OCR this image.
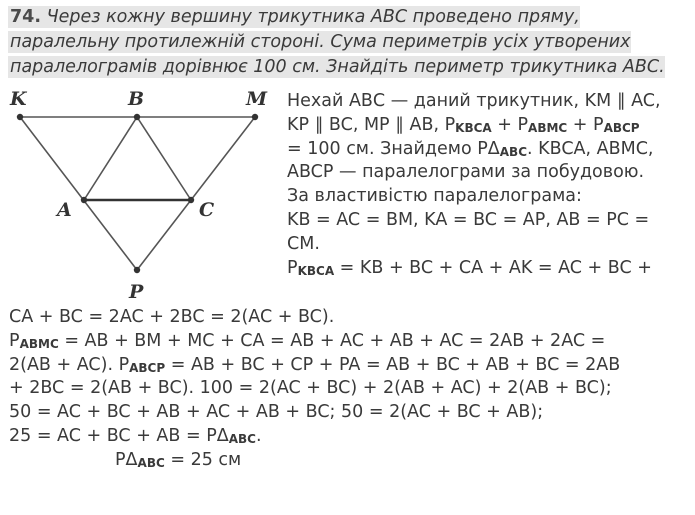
74. Через кожну вершину трикутника АВС проведено пряму,
паралельну протилежній стороні. Сума периметрів усіх утворених
паралелограмів дорівнює 100 см. Знайдіть периметр трикутника АВС.
K	B	M
A	C
P
Нехай АВС — даний трикутник, KM ∥ AC,
KP ∥ BC, MP ∥ AB, PKBCA + PABMC + PABCP
= 100 см. Знайдемо PΔABC. KBCA, ABMC,
ABCP — паралелограми за побудовою.
За властивістю паралелограма:
KB = AC = BM, KA = BC = AP, AB = PC =
CM.
PKBCA = KB + BC + CA + AK = AC + BC +
CA + BC = 2AC + 2BC = 2(AC + BC).
PABMC = AB + BM + MC + CA = AB + AC + AB + AC = 2AB + 2AC =
2(AB + AC). PABCP = AB + BC + CP + PA = AB + BC + AB + BC = 2AB
+ 2BC = 2(AB + BC). 100 = 2(AC + BC) + 2(AB + AC) + 2(AB + BC);
50 = AC + BC + AB + AC + AB + BC; 50 = 2(AC + BC + AB);
25 = AC + BC + AB = PΔABC.
PΔABC = 25 см
